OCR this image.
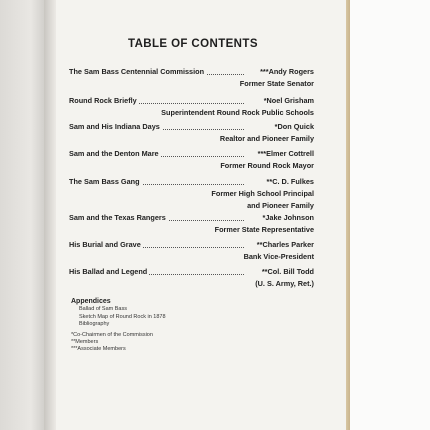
TABLE OF CONTENTS
The Sam Bass Centennial Commission	***Andy Rogers
Former State Senator
Round Rock Briefly	*Noel Grisham
Superintendent Round Rock Public Schools
Sam and His Indiana Days	*Don Quick
Realtor and Pioneer Family
Sam and the Denton Mare	***Elmer Cottrell
Former Round Rock Mayor
The Sam Bass Gang	**C. D. Fulkes
Former High School Principal
and Pioneer Family
Sam and the Texas Rangers	*Jake Johnson
Former State Representative
His Burial and Grave	**Charles Parker
Bank Vice-President
His Ballad and Legend	**Col. Bill Todd
(U. S. Army, Ret.)
Appendices
Ballad of Sam Bass
Sketch Map of Round Rock in 1878
Bibliography
*Co-Chairmen of the Commission
**Members
***Associate Members
